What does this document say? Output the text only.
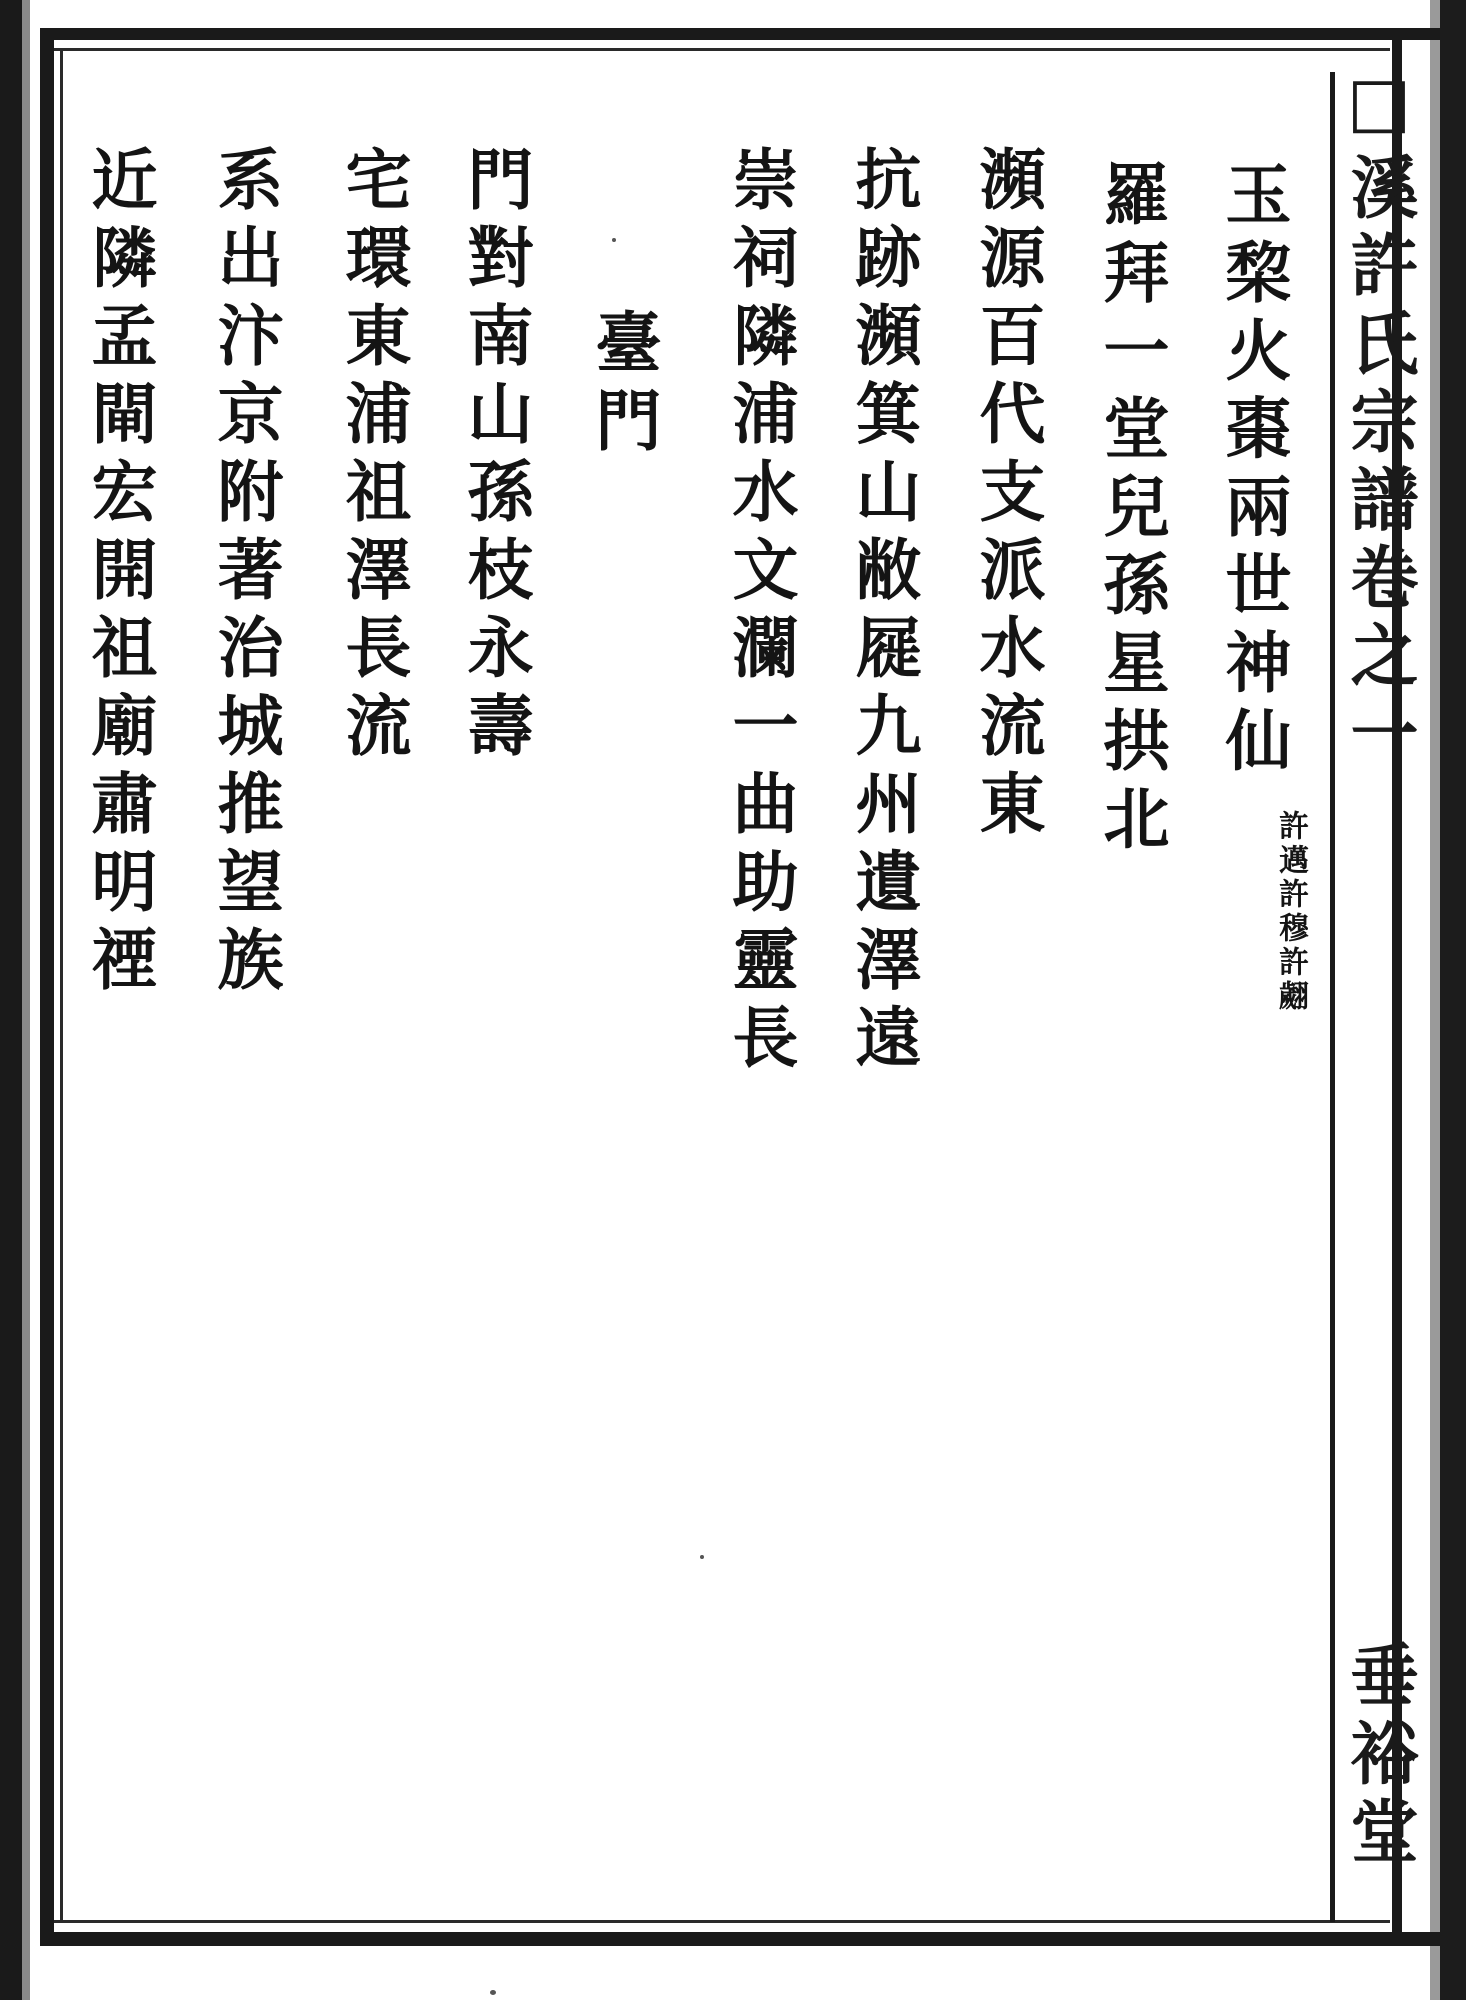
□溪許氏宗譜卷之一
垂裕堂
玉棃火棗兩世神仙
許邁許穆許翽
羅拜一堂兒孫星拱北
瀕源百代支派水流東
抗跡瀕箕山敝屣九州遺澤遠
崇祠隣浦水文瀾一曲助靈長
臺門
門對南山孫枝永壽
宅環東浦祖澤長流
系出汴京附著治城推望族
近隣孟閘宏開祖廟肅明禋
